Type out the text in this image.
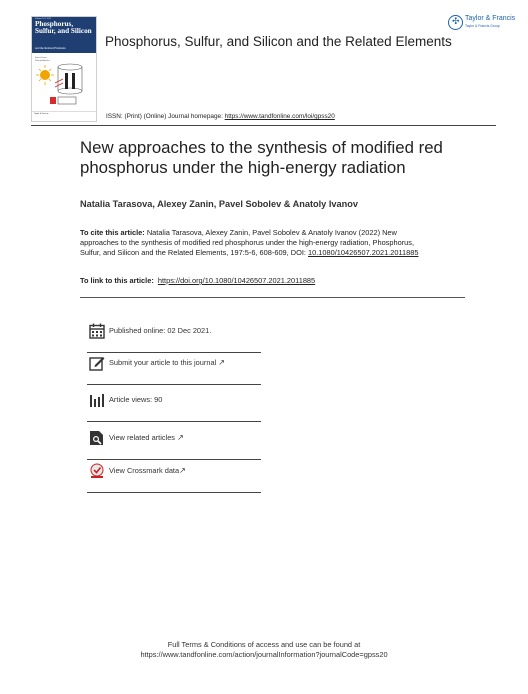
Volume 197, 2022
Phosphorus, Sulfur, and Silicon
and the Related Elements
Special issue · Selected Articles
Taylor & Francis
Phosphorus, Sulfur, and Silicon and the Related Elements
✣ Taylor & Francis
Taylor & Francis Group
ISSN: (Print) (Online) Journal homepage: https://www.tandfonline.com/loi/gpss20
New approaches to the synthesis of modified red phosphorus under the high-energy radiation
Natalia Tarasova, Alexey Zanin, Pavel Sobolev & Anatoly Ivanov
To cite this article: Natalia Tarasova, Alexey Zanin, Pavel Sobolev & Anatoly Ivanov (2022) New approaches to the synthesis of modified red phosphorus under the high-energy radiation, Phosphorus, Sulfur, and Silicon and the Related Elements, 197:5-6, 608-609, DOI: 10.1080/10426507.2021.2011885
To link to this article: https://doi.org/10.1080/10426507.2021.2011885
Published online: 02 Dec 2021.
Submit your article to this journal ↗
Article views: 90
View related articles ↗
View Crossmark data↗
Full Terms & Conditions of access and use can be found at
https://www.tandfonline.com/action/journalInformation?journalCode=gpss20
